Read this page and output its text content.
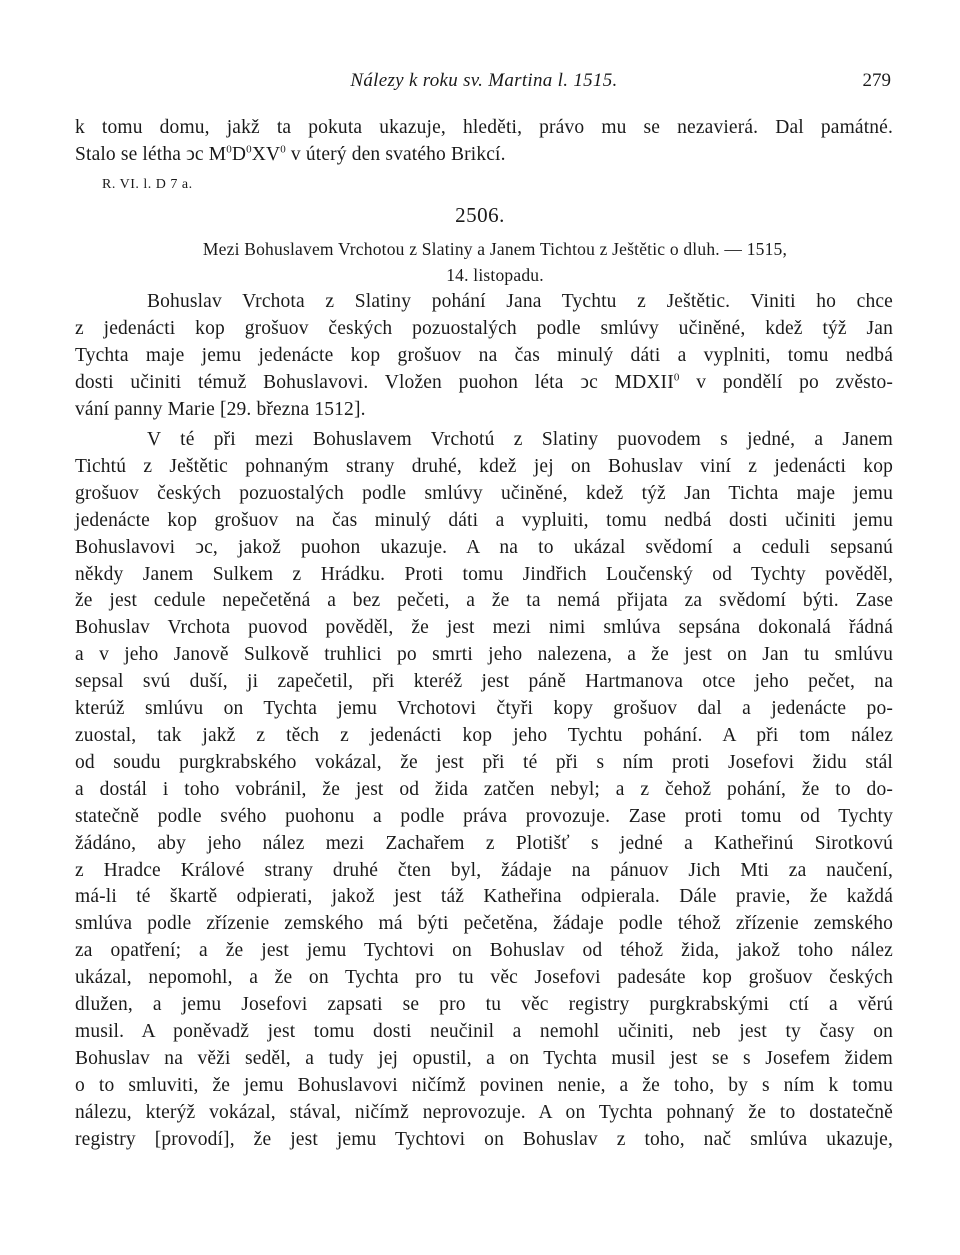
Nálezy k roku sv. Martina l. 1515.	279

k tomu domu, jakž ta pokuta ukazuje, hleděti, právo mu se nezavierá. Dal památné.
Stalo se létha ↄc $M^0D^0XV^0$ v úterý den svatého Brikcí.

R. VI. l. D 7 a.
2506.
Mezi Bohuslavem Vrchotou z Slatiny a Janem Tichtou z Ještětic o dluh. — 1515,
14. listopadu.

Bohuslav Vrchota z Slatiny pohání Jana Tychtu z Ještětic. Viniti ho chce
z jedenácti kop grošuov českých pozuostalých podle smlúvy učiněné, kdež týž Jan
Tychta maje jemu jedenácte kop grošuov na čas minulý dáti a vyplniti, tomu nedbá
dosti učiniti témuž Bohuslavovi. Vložen puohon léta ↄc MDXII$^0$ v pondělí po zvěsto-
vání panny Marie [29. března 1512].

V té při mezi Bohuslavem Vrchotú z Slatiny puovodem s jedné, a Janem
Tichtú z Ještětic pohnaným strany druhé, kdež jej on Bohuslav viní z jedenácti kop
grošuov českých pozuostalých podle smlúvy učiněné, kdež týž Jan Tichta maje jemu
jedenácte kop grošuov na čas minulý dáti a vypluiti, tomu nedbá dosti učiniti jemu
Bohuslavovi ↄc, jakož puohon ukazuje. A na to ukázal svědomí a ceduli sepsanú
někdy Janem Sulkem z Hrádku. Proti tomu Jindřich Loučenský od Tychty pověděl,
že jest cedule nepečetěná a bez pečeti, a že ta nemá přijata za svědomí býti. Zase
Bohuslav Vrchota puovod pověděl, že jest mezi nimi smlúva sepsána dokonalá řádná
a v jeho Janově Sulkově truhlici po smrti jeho nalezena, a že jest on Jan tu smlúvu
sepsal svú duší, ji zapečetil, při kteréž jest páně Hartmanova otce jeho pečet, na
kterúž smlúvu on Tychta jemu Vrchotovi čtyři kopy grošuov dal a jedenácte po-
zuostal, tak jakž z těch z jedenácti kop jeho Tychtu pohání. A při tom nález
od soudu purgkrabského vokázal, že jest při té při s ním proti Josefovi židu stál
a dostál i toho vobránil, že jest od žida zatčen nebyl; a z čehož pohání, že to do-
statečně podle svého puohonu a podle práva provozuje. Zase proti tomu od Tychty
žádáno, aby jeho nález mezi Zachařem z Plotišť s jedné a Katheřinú Sirotkovú
z Hradce Králové strany druhé čten byl, žádaje na pánuov Jich Mti za naučení,
má-li té škartě odpierati, jakož jest táž Katheřina odpierala. Dále pravie, že každá
smlúva podle zřízenie zemského má býti pečetěna, žádaje podle téhož zřízenie zemského
za opatření; a že jest jemu Tychtovi on Bohuslav od téhož žida, jakož toho nález
ukázal, nepomohl, a že on Tychta pro tu věc Josefovi padesáte kop grošuov českých
dlužen, a jemu Josefovi zapsati se pro tu věc registry purgkrabskými ctí a věrú
musil. A poněvadž jest tomu dosti neučinil a nemohl učiniti, neb jest ty časy on
Bohuslav na věži seděl, a tudy jej opustil, a on Tychta musil jest se s Josefem židem
o to smluviti, že jemu Bohuslavovi ničímž povinen nenie, a že toho, by s ním k tomu
nálezu, kterýž vokázal, stával, ničímž neprovozuje. A on Tychta pohnaný že to dostatečně
registry [provodí], že jest jemu Tychtovi on Bohuslav z toho, nač smlúva ukazuje,
